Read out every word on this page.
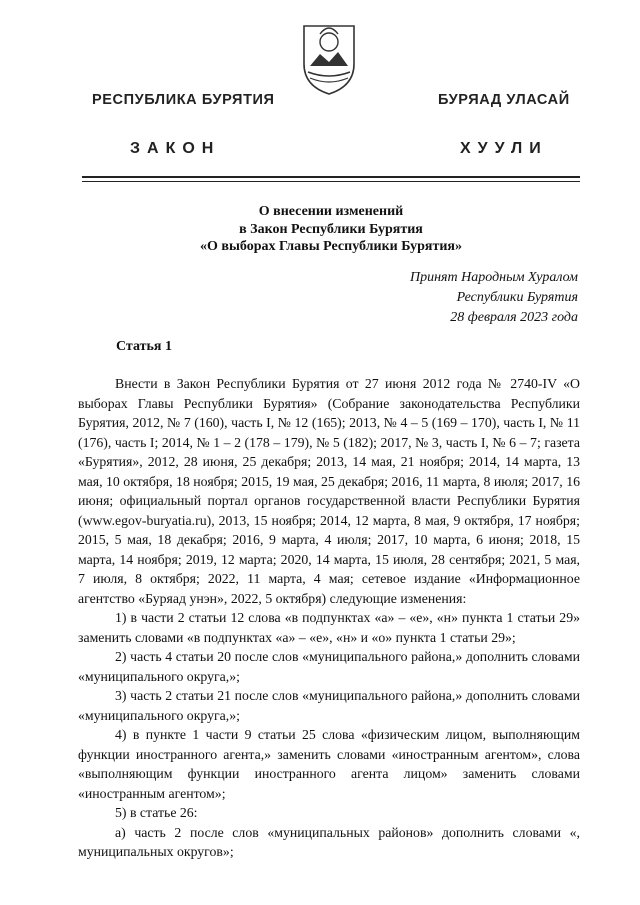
РЕСПУБЛИКА БУРЯТИЯ	БУРЯАД УЛАСАЙ
ЗАКОН	ХУУЛИ
О внесении изменений
в Закон Республики Бурятия
«О выборах Главы Республики Бурятия»
Принят Народным Хуралом
Республики Бурятия
28 февраля 2023 года
Статья 1

Внести в Закон Республики Бурятия от 27 июня 2012 года № 2740-IV «О выборах Главы Республики Бурятия» (Собрание законодательства Республики Бурятия, 2012, № 7 (160), часть I, № 12 (165); 2013, № 4 – 5 (169 – 170), часть I, № 11 (176), часть I; 2014, № 1 – 2 (178 – 179), № 5 (182); 2017, № 3, часть I, № 6 – 7; газета «Бурятия», 2012, 28 июня, 25 декабря; 2013, 14 мая, 21 ноября; 2014, 14 марта, 13 мая, 10 октября, 18 ноября; 2015, 19 мая, 25 декабря; 2016, 11 марта, 8 июля; 2017, 16 июня; официальный портал органов государственной власти Республики Бурятия (www.egov-buryatia.ru), 2013, 15 ноября; 2014, 12 марта, 8 мая, 9 октября, 17 ноября; 2015, 5 мая, 18 декабря; 2016, 9 марта, 4 июля; 2017, 10 марта, 6 июня; 2018, 15 марта, 14 ноября; 2019, 12 марта; 2020, 14 марта, 15 июля, 28 сентября; 2021, 5 мая, 7 июля, 8 октября; 2022, 11 марта, 4 мая; сетевое издание «Информационное агентство «Буряад унэн», 2022, 5 октября) следующие изменения:

1) в части 2 статьи 12 слова «в подпунктах «а» – «е», «н» пункта 1 статьи 29» заменить словами «в подпунктах «а» – «е», «н» и «о» пункта 1 статьи 29»;

2) часть 4 статьи 20 после слов «муниципального района,» дополнить словами «муниципального округа,»;

3) часть 2 статьи 21 после слов «муниципального района,» дополнить словами «муниципального округа,»;

4) в пункте 1 части 9 статьи 25 слова «физическим лицом, выполняющим функции иностранного агента,» заменить словами «иностранным агентом», слова «выполняющим функции иностранного агента лицом» заменить словами «иностранным агентом»;

5) в статье 26:

а) часть 2 после слов «муниципальных районов» дополнить словами «, муниципальных округов»;
